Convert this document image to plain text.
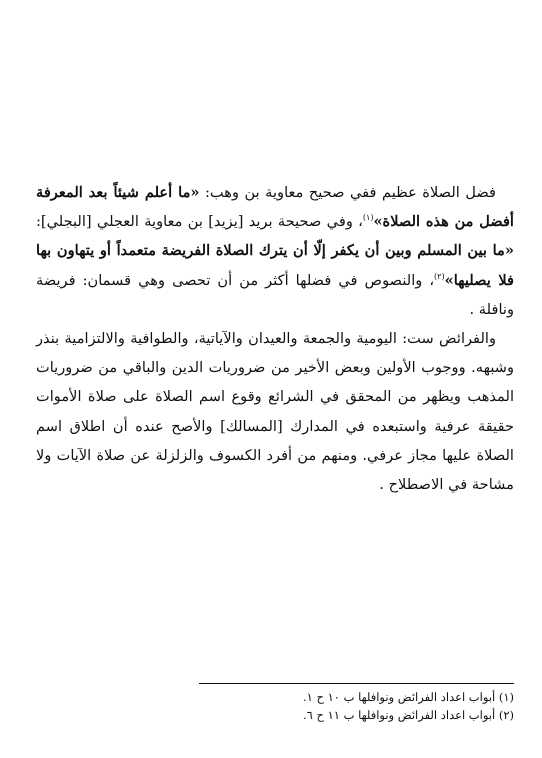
فضل الصلاة عظيم ففي صحيح معاوية بن وهب: «ما أعلم شيئاً بعد المعرفة أفضل من هذه الصلاة»$^{(١)}$، وفي صحيحة بريد [يزيد] بن معاوية العجلي [البجلي]: «ما بين المسلم وبين أن يكفر إلّا أن يترك الصلاة الفريضة متعمداً أو يتهاون بها فلا يصليها»$^{(٢)}$، والنصوص في فضلها أكثر من أن تحصى وهي قسمان: فريضة ونافلة .

والفرائض ست: اليومية والجمعة والعيدان والآياتية، والطوافية والالتزامية بنذر وشبهه. ووجوب الأولين وبعض الأخير من ضروريات الدين والباقي من ضروريات المذهب ويظهر من المحقق في الشرائع وقوع اسم الصلاة على صلاة الأموات حقيقة عرفية واستبعده في المدارك [المسالك] والأصح عنده أن اطلاق اسم الصلاة عليها مجاز عرفي. ومنهم من أفرد الكسوف والزلزلة عن صلاة الآيات ولا مشاحة في الاصطلاح .

(١) أبواب اعداد الفرائض ونوافلها ب ١٠ ح ١.

(٢) أبواب اعداد الفرائض ونوافلها ب ١١ ح ٦.
